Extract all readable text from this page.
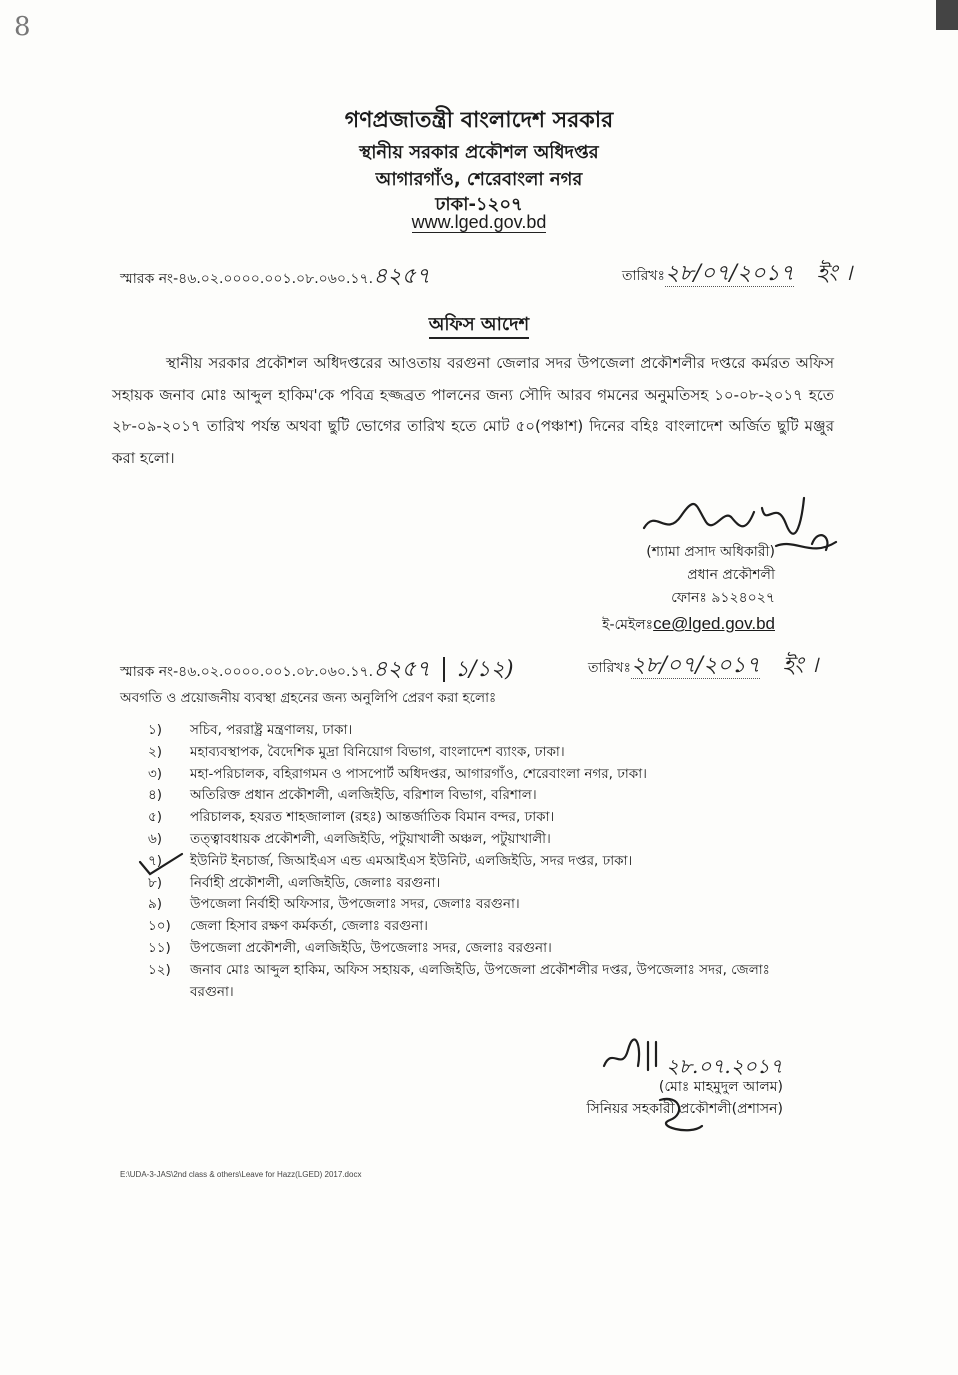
8
গণপ্রজাতন্ত্রী বাংলাদেশ সরকার
স্থানীয় সরকার প্রকৌশল অধিদপ্তর
আগারগাঁও, শেরেবাংলা নগর
ঢাকা-১২০৭
www.lged.gov.bd
স্মারক নং-৪৬.০২.০০০০.০০১.০৮.০৬০.১৭.৪২৫৭	তারিখঃ২৮/০৭/২০১৭ ইং ।
অফিস আদেশ
স্থানীয় সরকার প্রকৌশল অধিদপ্তরের আওতায় বরগুনা জেলার সদর উপজেলা প্রকৌশলীর দপ্তরে কর্মরত অফিস সহায়ক জনাব মোঃ আব্দুল হাকিম'কে পবিত্র হজ্জব্রত পালনের জন্য সৌদি আরব গমনের অনুমতিসহ ১০-০৮-২০১৭ হতে ২৮-০৯-২০১৭ তারিখ পর্যন্ত অথবা ছুটি ভোগের তারিখ হতে মোট ৫০(পঞ্চাশ) দিনের বহিঃ বাংলাদেশ অর্জিত ছুটি মঞ্জুর করা হলো।
(শ্যামা প্রসাদ অধিকারী)
প্রধান প্রকৌশলী
ফোনঃ ৯১২৪০২৭
ই-মেইলঃce@lged.gov.bd
স্মারক নং-৪৬.০২.০০০০.০০১.০৮.০৬০.১৭.৪২৫৭ ১/১২)	তারিখঃ২৮/০৭/২০১৭ ইং ।
অবগতি ও প্রয়োজনীয় ব্যবস্থা গ্রহনের জন্য অনুলিপি প্রেরণ করা হলোঃ
১)	সচিব, পররাষ্ট্র মন্ত্রণালয়, ঢাকা।
২)	মহাব্যবস্থাপক, বৈদেশিক মুদ্রা বিনিয়োগ বিভাগ, বাংলাদেশ ব্যাংক, ঢাকা।
৩)	মহা-পরিচালক, বহিরাগমন ও পাসপোর্ট অধিদপ্তর, আগারগাঁও, শেরেবাংলা নগর, ঢাকা।
৪)	অতিরিক্ত প্রধান প্রকৌশলী, এলজিইডি, বরিশাল বিভাগ, বরিশাল।
৫)	পরিচালক, হযরত শাহজালাল (রহঃ) আন্তর্জাতিক বিমান বন্দর, ঢাকা।
৬)	তত্ত্বাবধায়ক প্রকৌশলী, এলজিইডি, পটুয়াখালী অঞ্চল, পটুয়াখালী।
৭)	ইউনিট ইনচার্জ, জিআইএস এন্ড এমআইএস ইউনিট, এলজিইডি, সদর দপ্তর, ঢাকা।
৮)	নির্বাহী প্রকৌশলী, এলজিইডি, জেলাঃ বরগুনা।
৯)	উপজেলা নির্বাহী অফিসার, উপজেলাঃ সদর, জেলাঃ বরগুনা।
১০)	জেলা হিসাব রক্ষণ কর্মকর্তা, জেলাঃ বরগুনা।
১১)	উপজেলা প্রকৌশলী, এলজিইডি, উপজেলাঃ সদর, জেলাঃ বরগুনা।
১২)	জনাব মোঃ আব্দুল হাকিম, অফিস সহায়ক, এলজিইডি, উপজেলা প্রকৌশলীর দপ্তর, উপজেলাঃ সদর, জেলাঃ বরগুনা।
২৮.০৭.২০১৭
(মোঃ মাহমুদুল আলম)
সিনিয়র সহকারী প্রকৌশলী(প্রশাসন)
E:\UDA-3-JAS\2nd class & others\Leave for Hazz(LGED) 2017.docx
